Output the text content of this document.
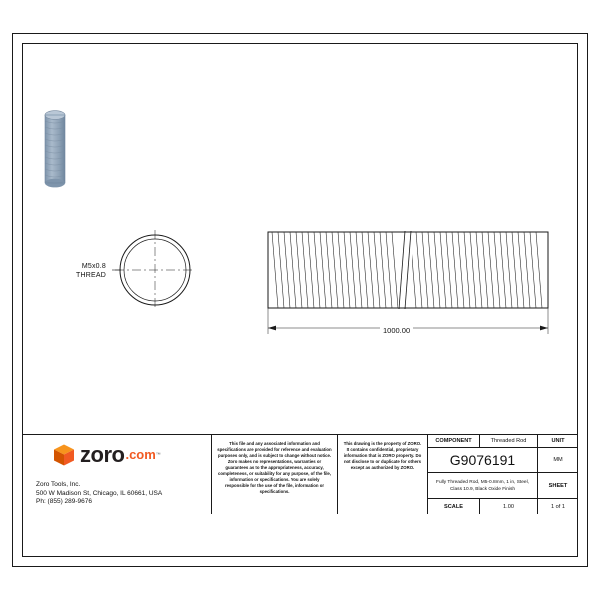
M5x0.8
THREAD
1000.00
zoro .com ™
Zoro Tools, Inc.
500 W Madison St, Chicago, IL 60661, USA
Ph: (855) 289-9676
This file and any associated information and specifications are provided for reference and evaluation purposes only, and is subject to change without notice. Zoro makes no representations, warranties or guarantees as to the appropriateness, accuracy, completeness, or suitability for any purpose, of the file, information or specifications. You are solely responsible for the use of the file, information or specifications.
This drawing is the property of ZORO. It contains confidential, proprietary information that is ZORO property. Do not disclose to or duplicate for others except as authorized by ZORO.
COMPONENT	Threaded Rod	UNIT
G9076191	MM
Fully Threaded Rod, M5-0.8mm, 1 in, Steel, Class 10.9, Black Oxide Finish
SHEET
SCALE	1.00	1 of 1
